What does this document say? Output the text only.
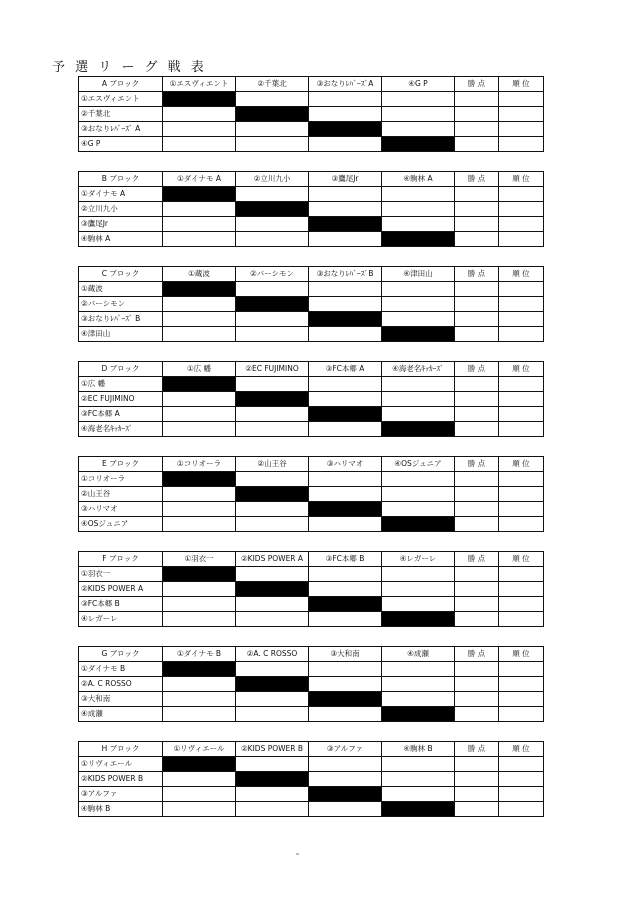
予 選 リ ー グ 戦 表
A ブロック	①エスヴィエント	②千葉北	③おなりﾚﾊﾞｰｽﾞA	④G P	勝 点	順 位
①エスヴィエント						
②千葉北						
③おなりﾚﾊﾞｰｽﾞ A						
④G P						
B ブロック	①ダイナモ A	②立川九小	③鷹尾Jr	④駒林 A	勝 点	順 位
①ダイナモ A						
②立川九小						
③鷹尾Jr						
④駒林 A						
C ブロック	①蔵波	②バーシモン	③おなりﾚﾊﾞｰｽﾞB	④津田山	勝 点	順 位
①蔵波						
②バーシモン						
③おなりﾚﾊﾞｰｽﾞ B						
④津田山						
D ブロック	①広 幡	②EC FUJIMINO	③FC本郷 A	④海老名ｷｯｶｰｽﾞ	勝 点	順 位
①広 幡						
②EC FUJIMINO						
③FC本郷 A						
④海老名ｷｯｶｰｽﾞ						
E ブロック	①コリオーラ	②山王谷	③ハリマオ	④OSジュニア	勝 点	順 位
①コリオーラ						
②山王谷						
③ハリマオ						
④OSジュニア						
F ブロック	①羽衣一	②KIDS POWER A	③FC本郷 B	④レガーレ	勝 点	順 位
①羽衣一						
②KIDS POWER A						
③FC本郷 B						
④レガーレ						
G ブロック	①ダイナモ B	②A. C ROSSO	③大和南	④成瀬	勝 点	順 位
①ダイナモ B						
②A. C ROSSO						
③大和南						
④成瀬						
H ブロック	①リヴィエール	②KIDS POWER B	③アルファ	④駒林 B	勝 点	順 位
①リヴィエール						
②KIDS POWER B						
③アルファ						
④駒林 B						
